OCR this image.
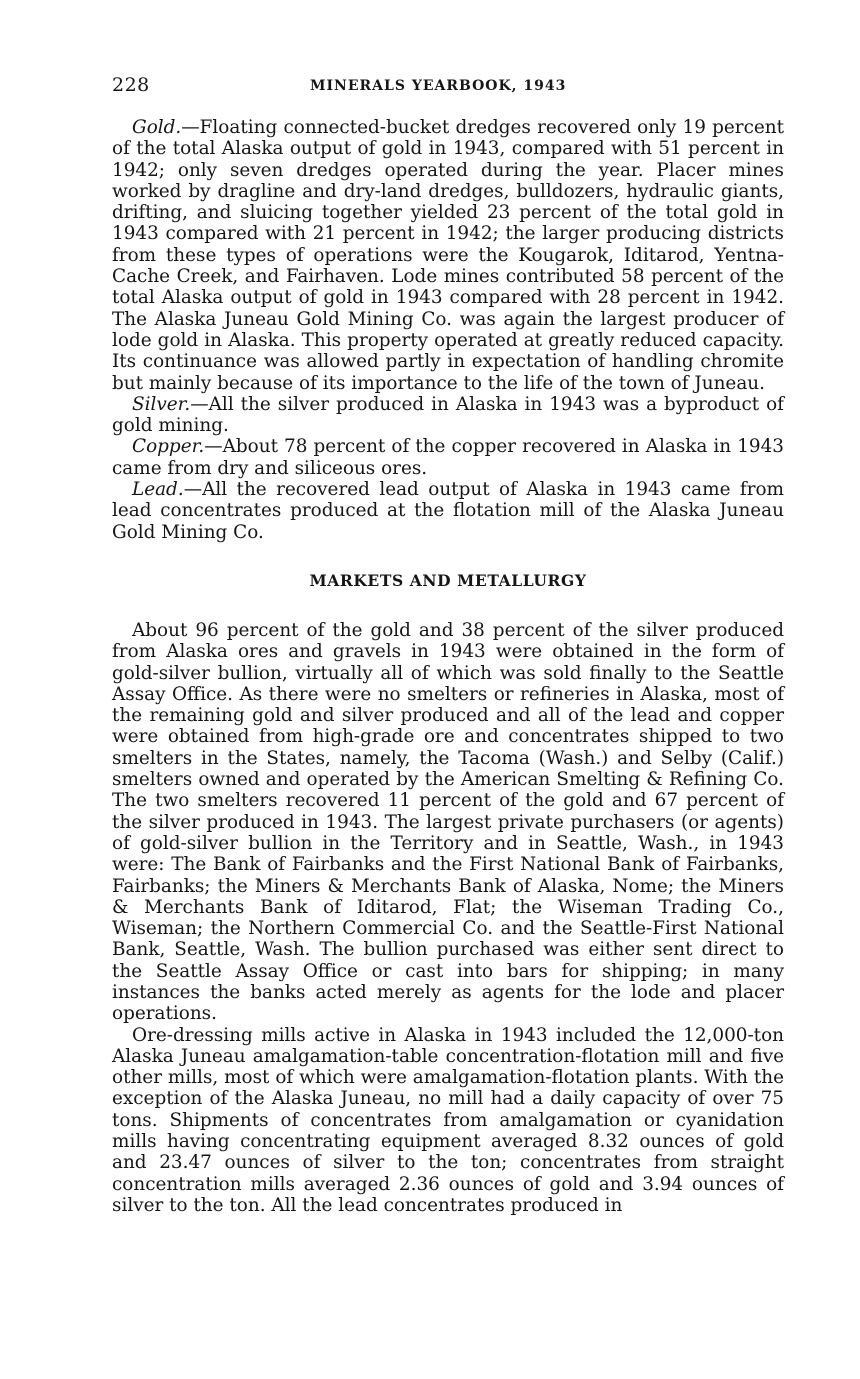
228	MINERALS YEARBOOK, 1943

Gold.—Floating connected-bucket dredges recovered only 19 percent of the total Alaska output of gold in 1943, compared with 51 percent in 1942; only seven dredges operated during the year. Placer mines worked by dragline and dry-land dredges, bulldozers, hydraulic giants, drifting, and sluicing together yielded 23 percent of the total gold in 1943 compared with 21 percent in 1942; the larger producing districts from these types of operations were the Kougarok, Iditarod, Yentna-Cache Creek, and Fairhaven. Lode mines contributed 58 percent of the total Alaska output of gold in 1943 compared with 28 percent in 1942. The Alaska Juneau Gold Mining Co. was again the largest producer of lode gold in Alaska. This property operated at greatly reduced capacity. Its continuance was allowed partly in expectation of handling chromite but mainly because of its importance to the life of the town of Juneau.

Silver.—All the silver produced in Alaska in 1943 was a byproduct of gold mining.

Copper.—About 78 percent of the copper recovered in Alaska in 1943 came from dry and siliceous ores.

Lead.—All the recovered lead output of Alaska in 1943 came from lead concentrates produced at the flotation mill of the Alaska Juneau Gold Mining Co.

MARKETS AND METALLURGY

About 96 percent of the gold and 38 percent of the silver produced from Alaska ores and gravels in 1943 were obtained in the form of gold-silver bullion, virtually all of which was sold finally to the Seattle Assay Office. As there were no smelters or refineries in Alaska, most of the remaining gold and silver produced and all of the lead and copper were obtained from high-grade ore and concentrates shipped to two smelters in the States, namely, the Tacoma (Wash.) and Selby (Calif.) smelters owned and operated by the American Smelting & Refining Co. The two smelters recovered 11 percent of the gold and 67 percent of the silver produced in 1943. The largest private purchasers (or agents) of gold-silver bullion in the Territory and in Seattle, Wash., in 1943 were: The Bank of Fairbanks and the First National Bank of Fairbanks, Fairbanks; the Miners & Merchants Bank of Alaska, Nome; the Miners & Merchants Bank of Iditarod, Flat; the Wiseman Trading Co., Wiseman; the Northern Commercial Co. and the Seattle-First National Bank, Seattle, Wash. The bullion purchased was either sent direct to the Seattle Assay Office or cast into bars for shipping; in many instances the banks acted merely as agents for the lode and placer operations.

Ore-dressing mills active in Alaska in 1943 included the 12,000-ton Alaska Juneau amalgamation-table concentration-flotation mill and five other mills, most of which were amalgamation-flotation plants. With the exception of the Alaska Juneau, no mill had a daily capacity of over 75 tons. Shipments of concentrates from amalgamation or cyanidation mills having concentrating equipment averaged 8.32 ounces of gold and 23.47 ounces of silver to the ton; concentrates from straight concentration mills averaged 2.36 ounces of gold and 3.94 ounces of silver to the ton. All the lead concentrates produced in
